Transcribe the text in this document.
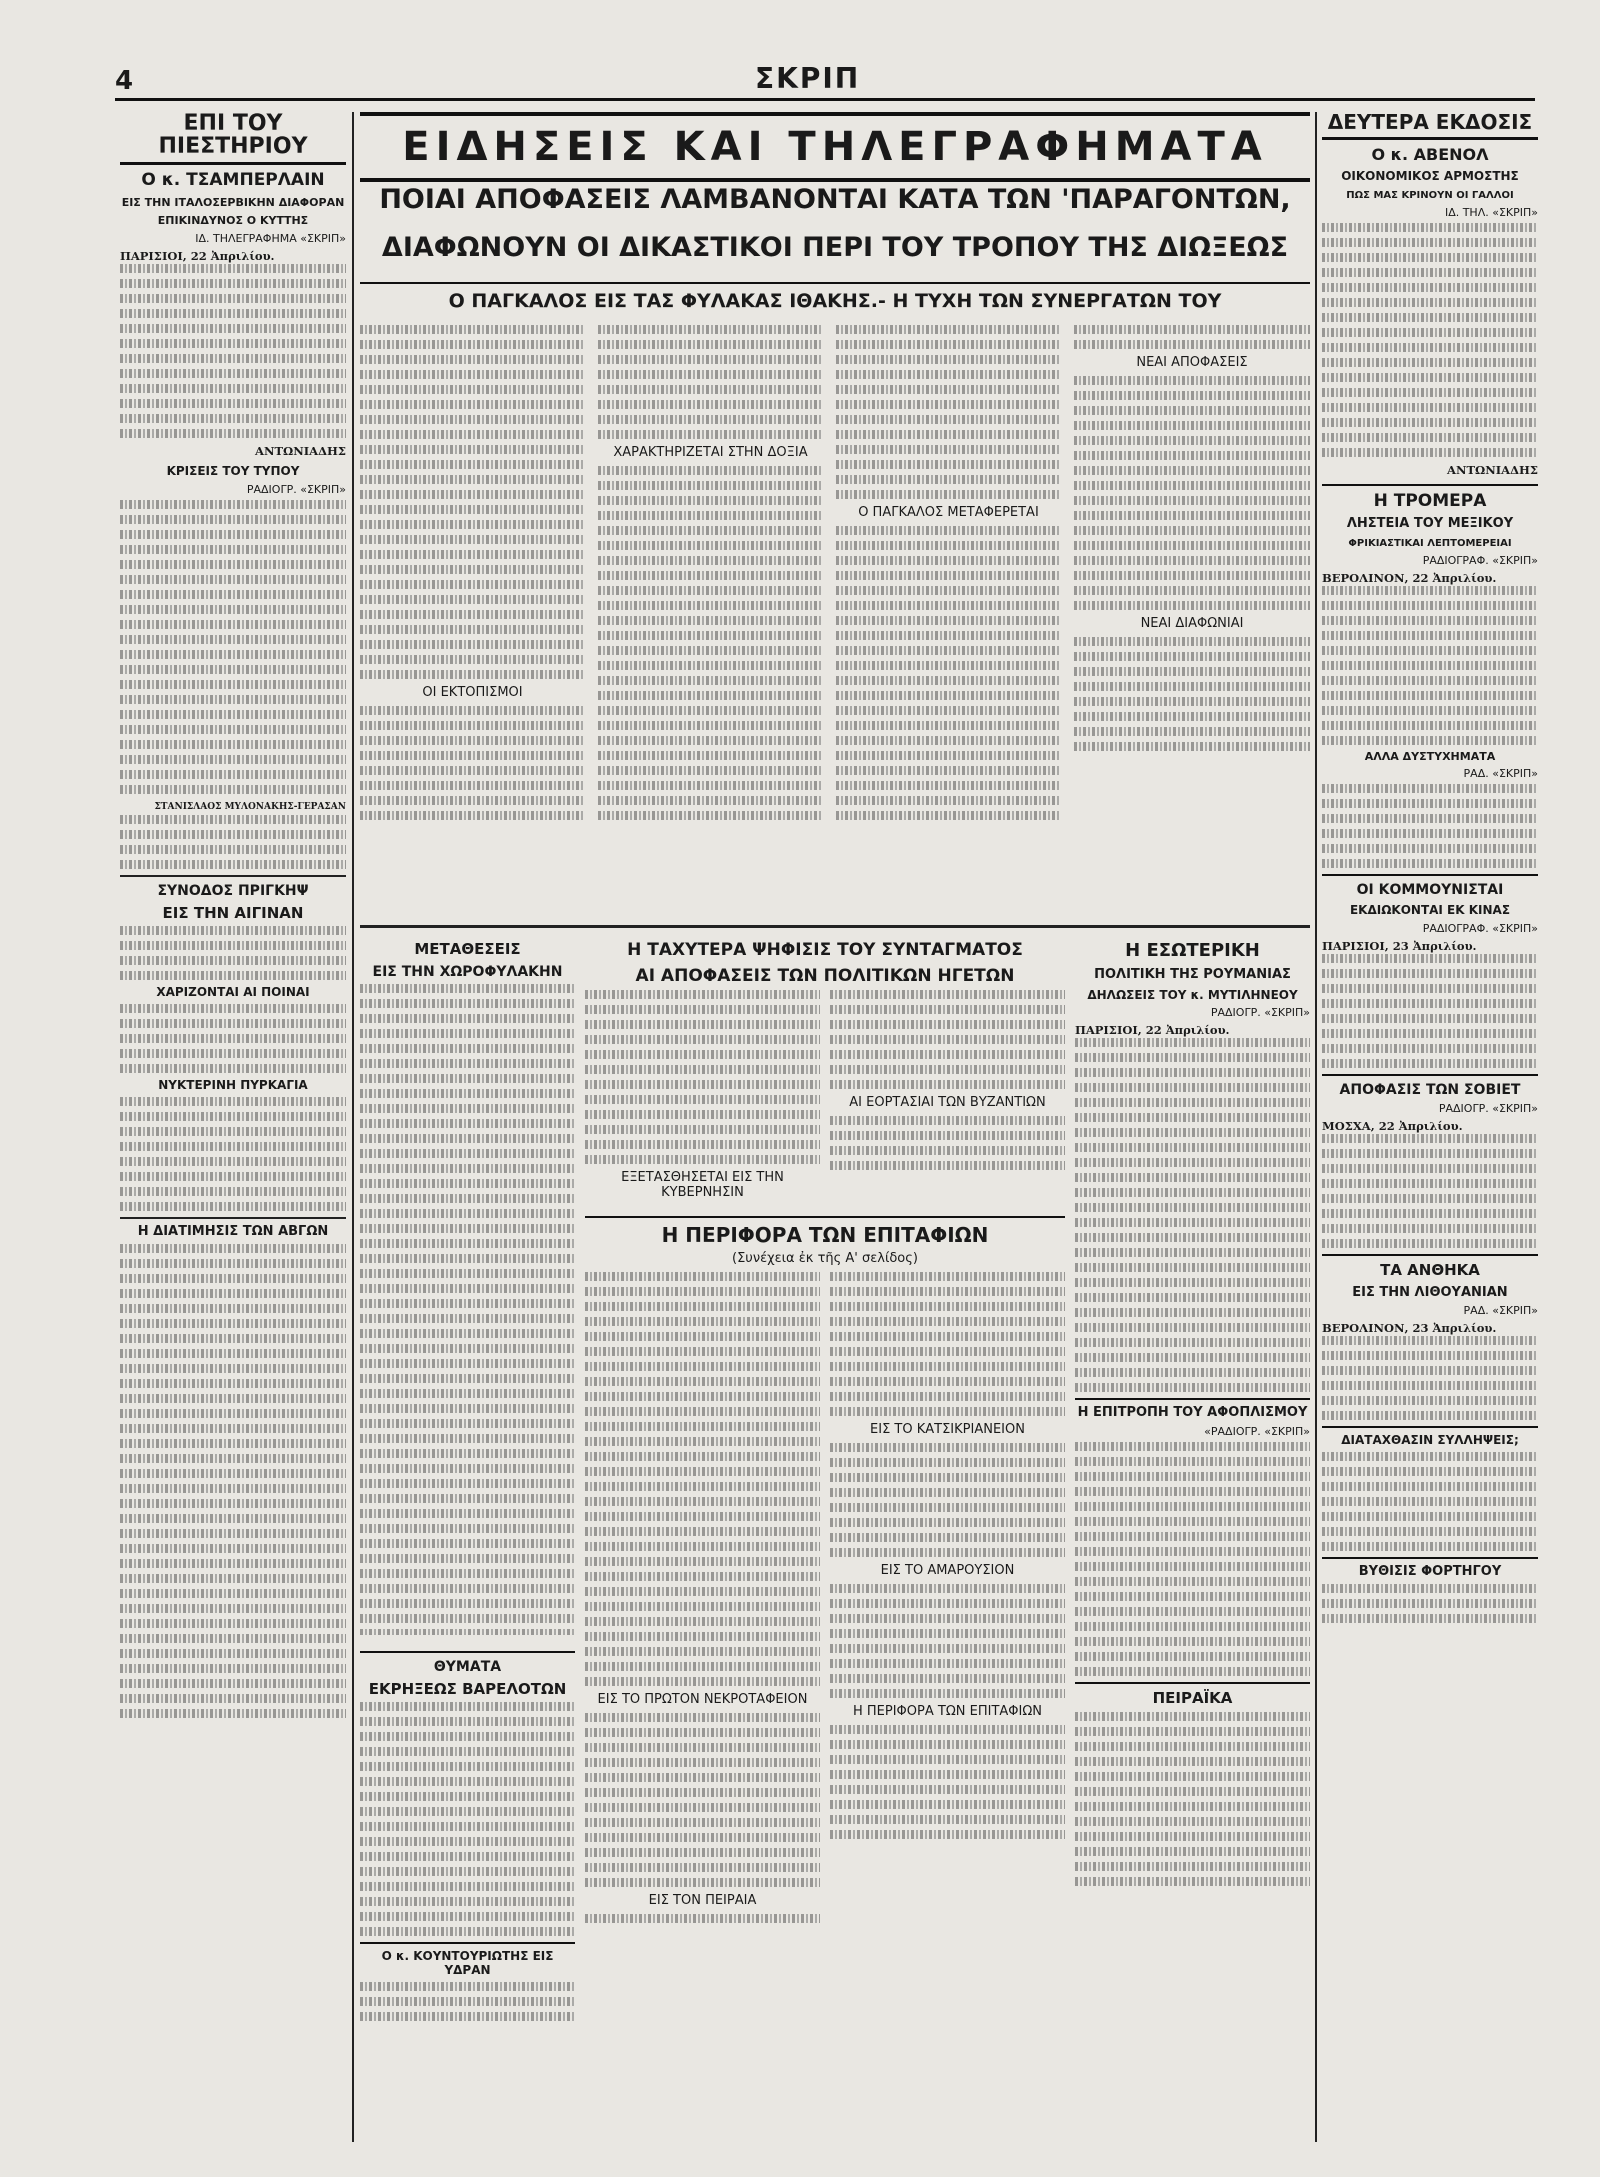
4	ΣΚΡΙΠ
ΕΠΙ ΤΟΥ ΠΙΕΣΤΗΡΙΟΥ
Ο κ. ΤΣΑΜΠΕΡΛΑΙΝ
ΕΙΣ ΤΗΝ ΙΤΑΛΟΣΕΡΒΙΚΗΝ ΔΙΑΦΟΡΑΝ
ΕΠΙΚΙΝΔΥΝΟΣ Ο ΚΥΤΤΗΣ
ΙΔ. ΤΗΛΕΓΡΑΦΗΜΑ «ΣΚΡΙΠ»
ΠΑΡΙΣΙΟΙ, 22 Ἀπριλίου.
ΑΝΤΩΝΙΑΔΗΣ
ΚΡΙΣΕΙΣ ΤΟΥ ΤΥΠΟΥ
ΡΑΔΙΟΓΡ. «ΣΚΡΙΠ»
ΣΤΑΝΙΣΛΑΟΣ ΜΥΛΟΝΑΚΗΣ-ΓΕΡΑΣΑΝ
ΣΥΝΟΔΟΣ ΠΡΙΓΚΗΨ
ΕΙΣ ΤΗΝ ΑΙΓΙΝΑΝ
ΧΑΡΙΖΟΝΤΑΙ ΑΙ ΠΟΙΝΑΙ
ΝΥΚΤΕΡΙΝΗ ΠΥΡΚΑΓΙΑ
Η ΔΙΑΤΙΜΗΣΙΣ ΤΩΝ ΑΒΓΩΝ
ΕΙΔΗΣΕΙΣ ΚΑΙ ΤΗΛΕΓΡΑΦΗΜΑΤΑ
ΠΟΙΑΙ ΑΠΟΦΑΣΕΙΣ ΛΑΜΒΑΝΟΝΤΑΙ ΚΑΤΑ ΤΩΝ 'ΠΑΡΑΓΟΝΤΩΝ,
ΔΙΑΦΩΝΟΥΝ ΟΙ ΔΙΚΑΣΤΙΚΟΙ ΠΕΡΙ ΤΟΥ ΤΡΟΠΟΥ ΤΗΣ ΔΙΩΞΕΩΣ
Ο ΠΑΓΚΑΛΟΣ ΕΙΣ ΤΑΣ ΦΥΛΑΚΑΣ ΙΘΑΚΗΣ.- Η ΤΥΧΗ ΤΩΝ ΣΥΝΕΡΓΑΤΩΝ ΤΟΥ
ΟΙ ΕΚΤΟΠΙΣΜΟΙ
ΧΑΡΑΚΤΗΡΙΖΕΤΑΙ ΣΤΗΝ ΔΟΞΙΑ
Ο ΠΑΓΚΑΛΟΣ ΜΕΤΑΦΕΡΕΤΑΙ
ΝΕΑΙ ΑΠΟΦΑΣΕΙΣ
ΝΕΑΙ ΔΙΑΦΩΝΙΑΙ
ΜΕΤΑΘΕΣΕΙΣ
ΕΙΣ ΤΗΝ ΧΩΡΟΦΥΛΑΚΗΝ
Η ΤΑΧΥΤΕΡΑ ΨΗΦΙΣΙΣ ΤΟΥ ΣΥΝΤΑΓΜΑΤΟΣ
ΑΙ ΑΠΟΦΑΣΕΙΣ ΤΩΝ ΠΟΛΙΤΙΚΩΝ ΗΓΕΤΩΝ
ΕΞΕΤΑΣΘΗΣΕΤΑΙ ΕΙΣ ΤΗΝ ΚΥΒΕΡΝΗΣΙΝ
ΑΙ ΕΟΡΤΑΣΙΑΙ ΤΩΝ ΒΥΖΑΝΤΙΩΝ
Η ΠΕΡΙΦΟΡΑ ΤΩΝ ΕΠΙΤΑΦΙΩΝ
(Συνέχεια ἐκ τῆς Α' σελίδος)
ΕΙΣ ΤΟ ΠΡΩΤΟΝ ΝΕΚΡΟΤΑΦΕΙΟΝ
ΕΙΣ ΤΟΝ ΠΕΙΡΑΙΑ
ΕΙΣ ΤΟ ΚΑΤΣΙΚΡΙΑΝΕΙΟΝ
ΕΙΣ ΤΟ ΑΜΑΡΟΥΣΙΟΝ
Η ΠΕΡΙΦΟΡΑ ΤΩΝ ΕΠΙΤΑΦΙΩΝ
ΘΥΜΑΤΑ
ΕΚΡΗΞΕΩΣ ΒΑΡΕΛΟΤΩΝ
Ο κ. ΚΟΥΝΤΟΥΡΙΩΤΗΣ ΕΙΣ ΥΔΡΑΝ
Η ΕΣΩΤΕΡΙΚΗ
ΠΟΛΙΤΙΚΗ ΤΗΣ ΡΟΥΜΑΝΙΑΣ
ΔΗΛΩΣΕΙΣ ΤΟΥ κ. ΜΥΤΙΛΗΝΕΟΥ
ΡΑΔΙΟΓΡ. «ΣΚΡΙΠ»
ΠΑΡΙΣΙΟΙ, 22 Ἀπριλίου.
Η ΕΠΙΤΡΟΠΗ ΤΟΥ ΑΦΟΠΛΙΣΜΟΥ
«ΡΑΔΙΟΓΡ. «ΣΚΡΙΠ»
ΠΕΙΡΑΪΚΑ
ΔΕΥΤΕΡΑ ΕΚΔΟΣΙΣ
Ο κ. ΑΒΕΝΟΛ
ΟΙΚΟΝΟΜΙΚΟΣ ΑΡΜΟΣΤΗΣ
ΠΩΣ ΜΑΣ ΚΡΙΝΟΥΝ ΟΙ ΓΑΛΛΟΙ
ΙΔ. ΤΗΛ. «ΣΚΡΙΠ»
ΑΝΤΩΝΙΑΔΗΣ
Η ΤΡΟΜΕΡΑ
ΛΗΣΤΕΙΑ ΤΟΥ ΜΕΞΙΚΟΥ
ΦΡΙΚΙΑΣΤΙΚΑΙ ΛΕΠΤΟΜΕΡΕΙΑΙ
ΡΑΔΙΟΓΡΑΦ. «ΣΚΡΙΠ»
ΒΕΡΟΛΙΝΟΝ, 22 Ἀπριλίου.
ΑΛΛΑ ΔΥΣΤΥΧΗΜΑΤΑ
ΡΑΔ. «ΣΚΡΙΠ»
ΟΙ ΚΟΜΜΟΥΝΙΣΤΑΙ
ΕΚΔΙΩΚΟΝΤΑΙ ΕΚ ΚΙΝΑΣ
ΡΑΔΙΟΓΡΑΦ. «ΣΚΡΙΠ»
ΠΑΡΙΣΙΟΙ, 23 Ἀπριλίου.
ΑΠΟΦΑΣΙΣ ΤΩΝ ΣΟΒΙΕΤ
ΡΑΔΙΟΓΡ. «ΣΚΡΙΠ»
ΜΟΣΧΑ, 22 Ἀπριλίου.
ΤΑ ΑΝΘΗΚΑ
ΕΙΣ ΤΗΝ ΛΙΘΟΥΑΝΙΑΝ
ΡΑΔ. «ΣΚΡΙΠ»
ΒΕΡΟΛΙΝΟΝ, 23 Ἀπριλίου.
ΔΙΑΤΑΧΘΑΣΙΝ ΣΥΛΛΗΨΕΙΣ;
ΒΥΘΙΣΙΣ ΦΟΡΤΗΓΟΥ
